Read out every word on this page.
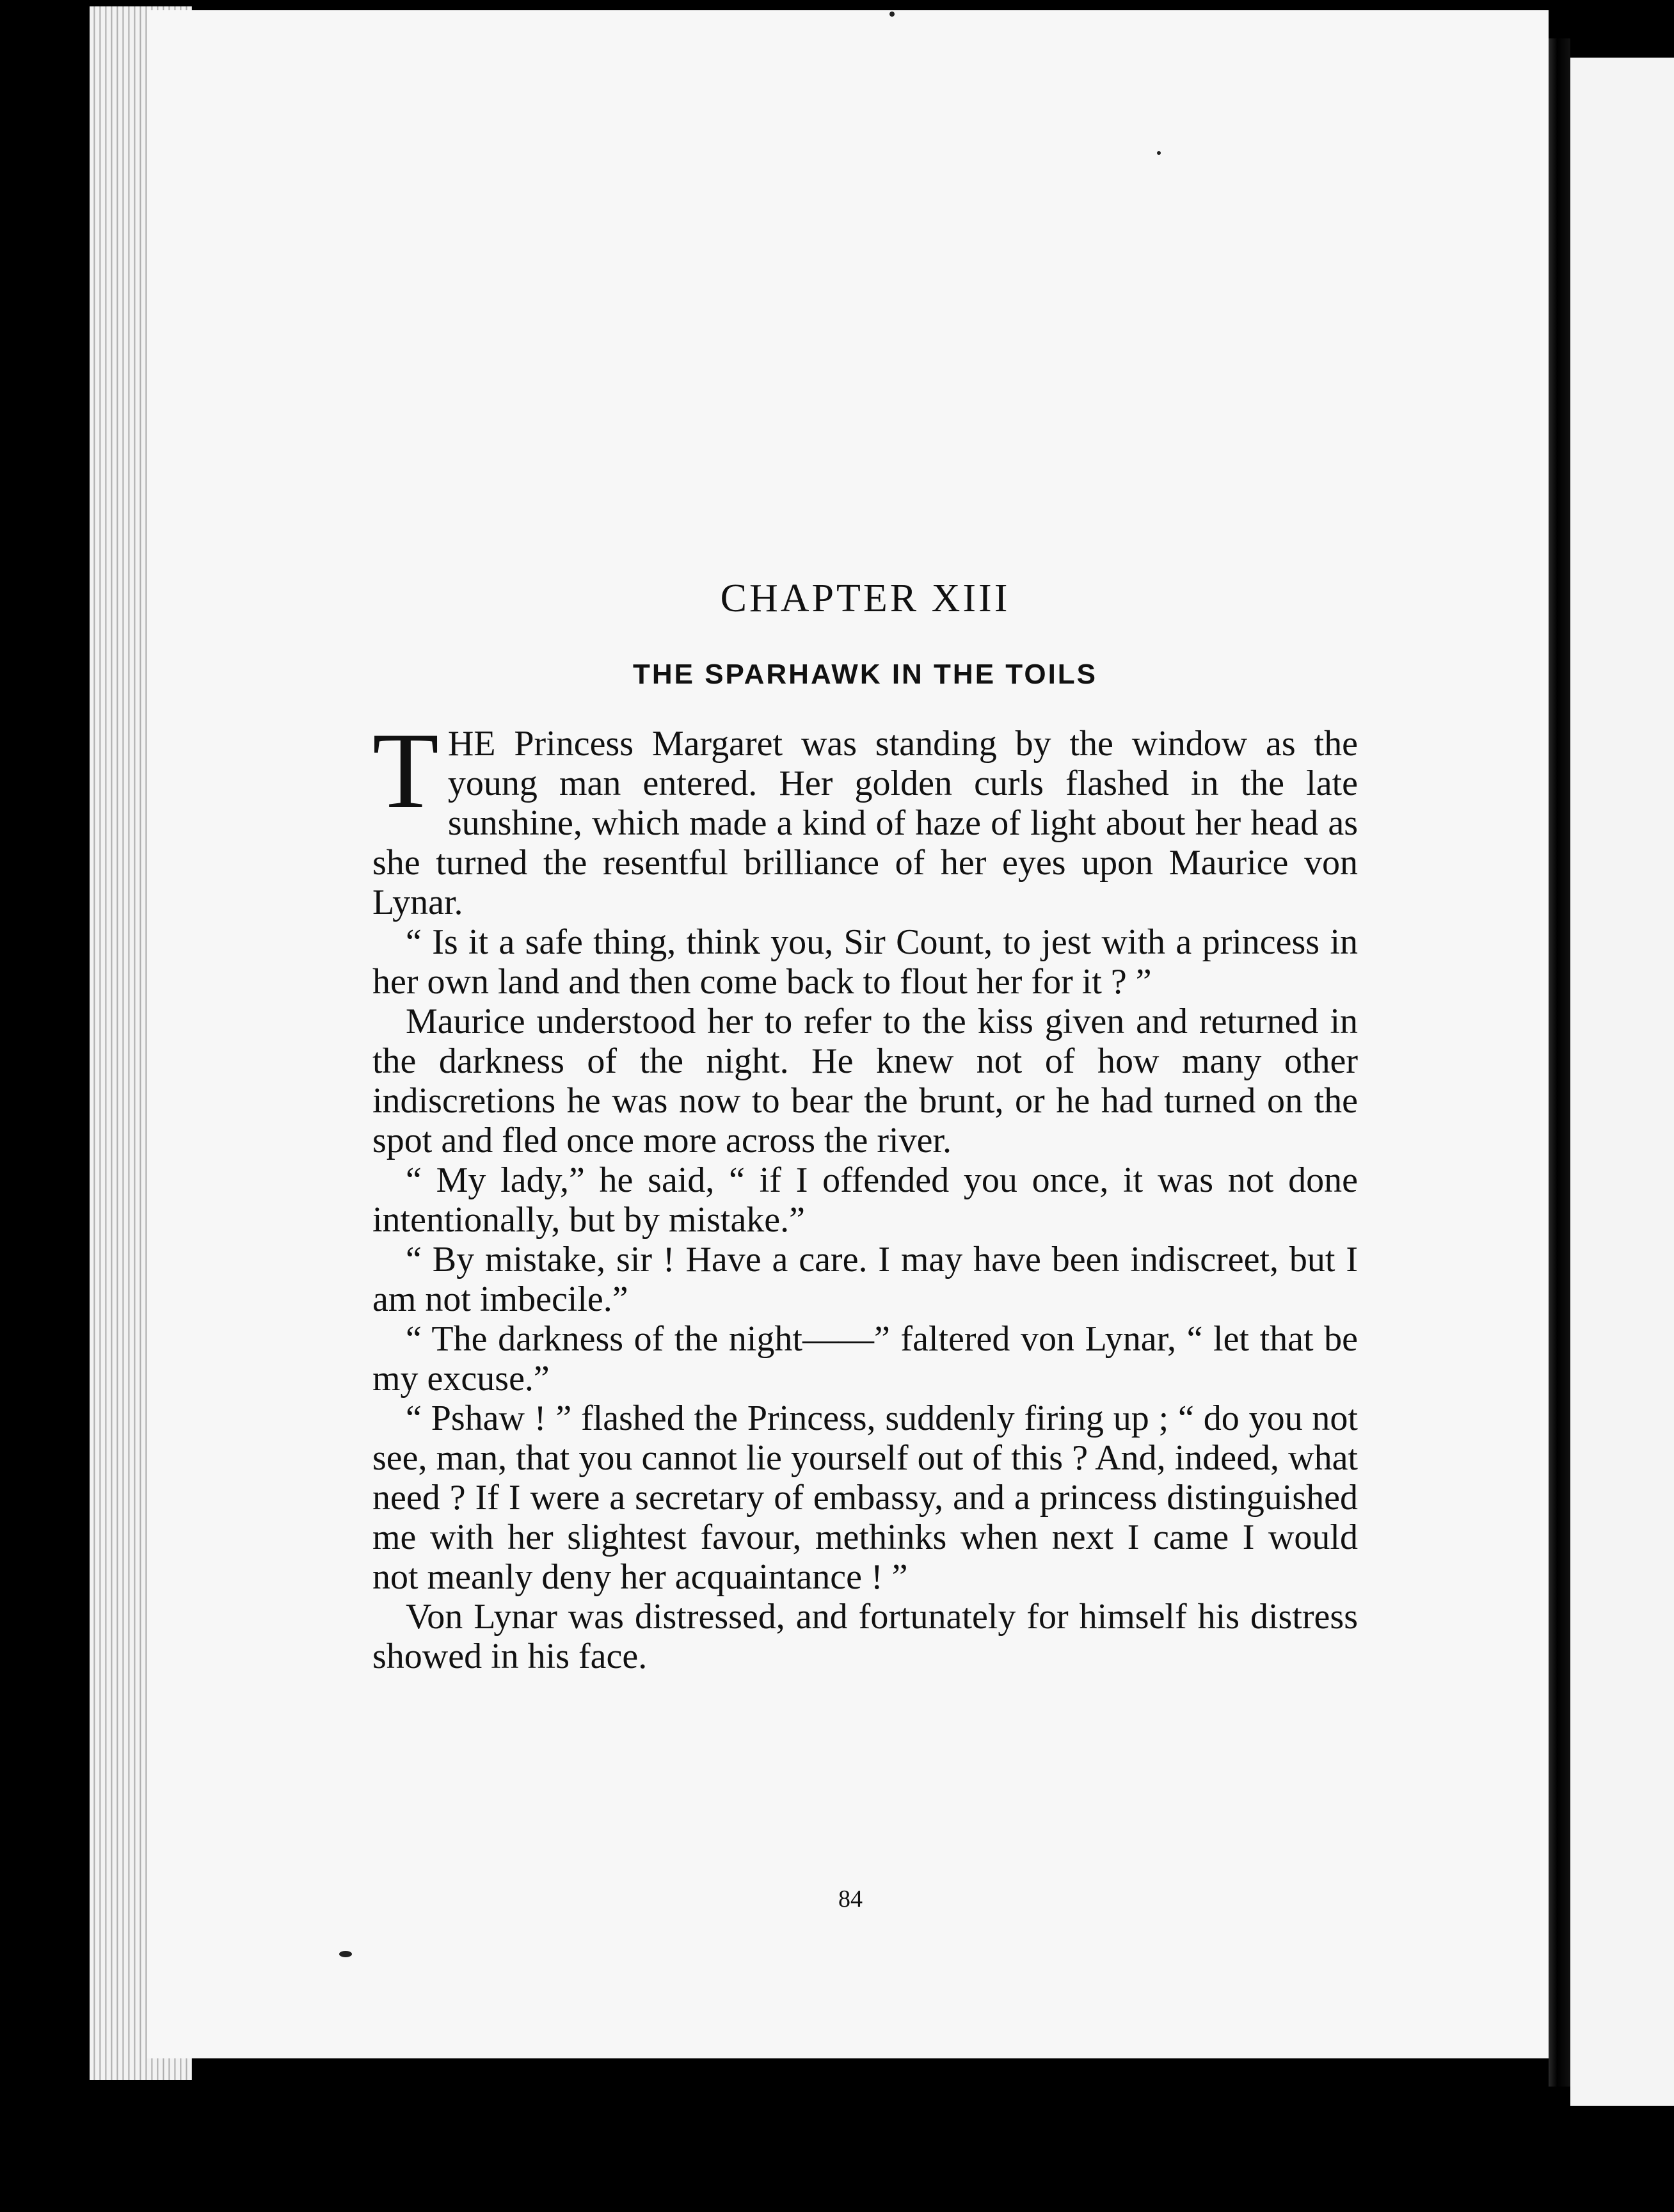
CHAPTER XIII
THE SPARHAWK IN THE TOILS

THE Princess Margaret was standing by the window as the young man entered. Her golden curls flashed in the late sunshine, which made a kind of haze of light about her head as she turned the resentful brilliance of her eyes upon Maurice von Lynar.

“ Is it a safe thing, think you, Sir Count, to jest with a princess in her own land and then come back to flout her for it ? ”

Maurice understood her to refer to the kiss given and returned in the darkness of the night. He knew not of how many other indiscretions he was now to bear the brunt, or he had turned on the spot and fled once more across the river.

“ My lady,” he said, “ if I offended you once, it was not done intentionally, but by mistake.”

“ By mistake, sir ! Have a care. I may have been indiscreet, but I am not imbecile.”

“ The darkness of the night——” faltered von Lynar, “ let that be my excuse.”

“ Pshaw ! ” flashed the Princess, suddenly firing up ; “ do you not see, man, that you cannot lie yourself out of this ? And, indeed, what need ? If I were a secretary of embassy, and a princess distinguished me with her slightest favour, methinks when next I came I would not meanly deny her acquaintance ! ”

Von Lynar was distressed, and fortunately for himself his distress showed in his face.

84
